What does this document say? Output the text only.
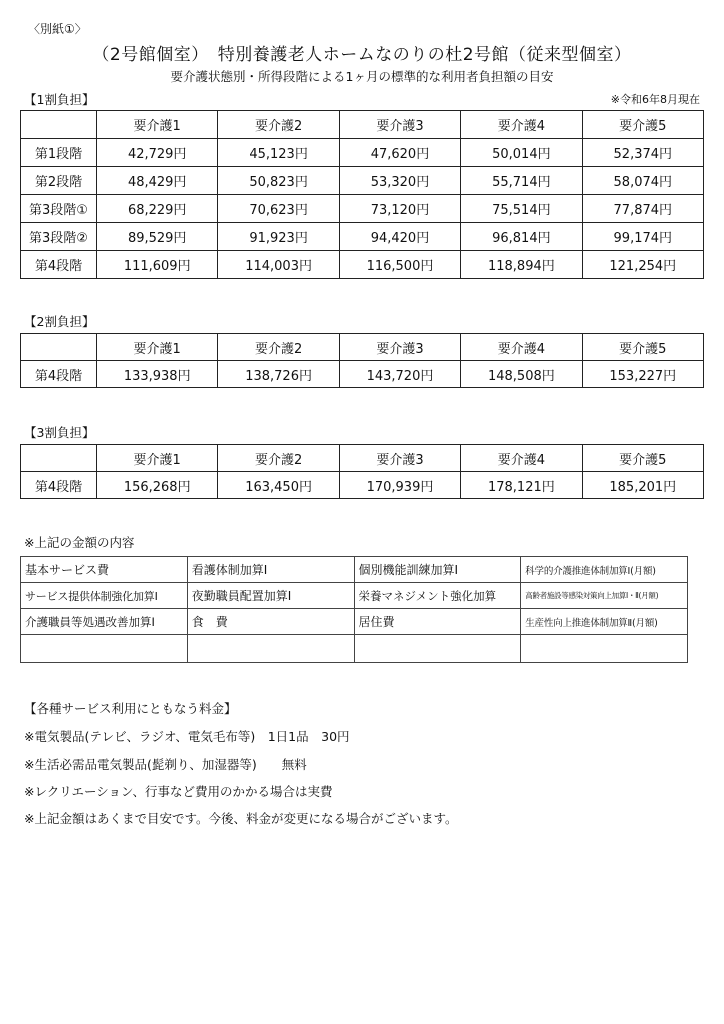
〈別紙①〉
（2号館個室）　特別養護老人ホームなのりの杜2号館（従来型個室）
要介護状態別・所得段階による1ヶ月の標準的な利用者負担額の目安
【1割負担】	※令和6年8月現在
	要介護1	要介護2	要介護3	要介護4	要介護5
第1段階	42,729円	45,123円	47,620円	50,014円	52,374円
第2段階	48,429円	50,823円	53,320円	55,714円	58,074円
第3段階①	68,229円	70,623円	73,120円	75,514円	77,874円
第3段階②	89,529円	91,923円	94,420円	96,814円	99,174円
第4段階	111,609円	114,003円	116,500円	118,894円	121,254円
【2割負担】
	要介護1	要介護2	要介護3	要介護4	要介護5
第4段階	133,938円	138,726円	143,720円	148,508円	153,227円
【3割負担】
	要介護1	要介護2	要介護3	要介護4	要介護5
第4段階	156,268円	163,450円	170,939円	178,121円	185,201円
※上記の金額の内容
基本サービス費	看護体制加算Ⅰ	個別機能訓練加算Ⅰ	科学的介護推進体制加算Ⅰ(月額)
サービス提供体制強化加算Ⅰ	夜勤職員配置加算Ⅰ	栄養マネジメント強化加算	高齢者施設等感染対策向上加算Ⅰ・Ⅱ(月額)
介護職員等処遇改善加算Ⅰ	食　費	居住費	生産性向上推進体制加算Ⅱ(月額)

【各種サービス利用にともなう料金】
※電気製品(テレビ、ラジオ、電気毛布等)　1日1品　30円
※生活必需品電気製品(髭剃り、加湿器等)　　無料
※レクリエーション、行事など費用のかかる場合は実費
※上記金額はあくまで目安です。今後、料金が変更になる場合がございます。
